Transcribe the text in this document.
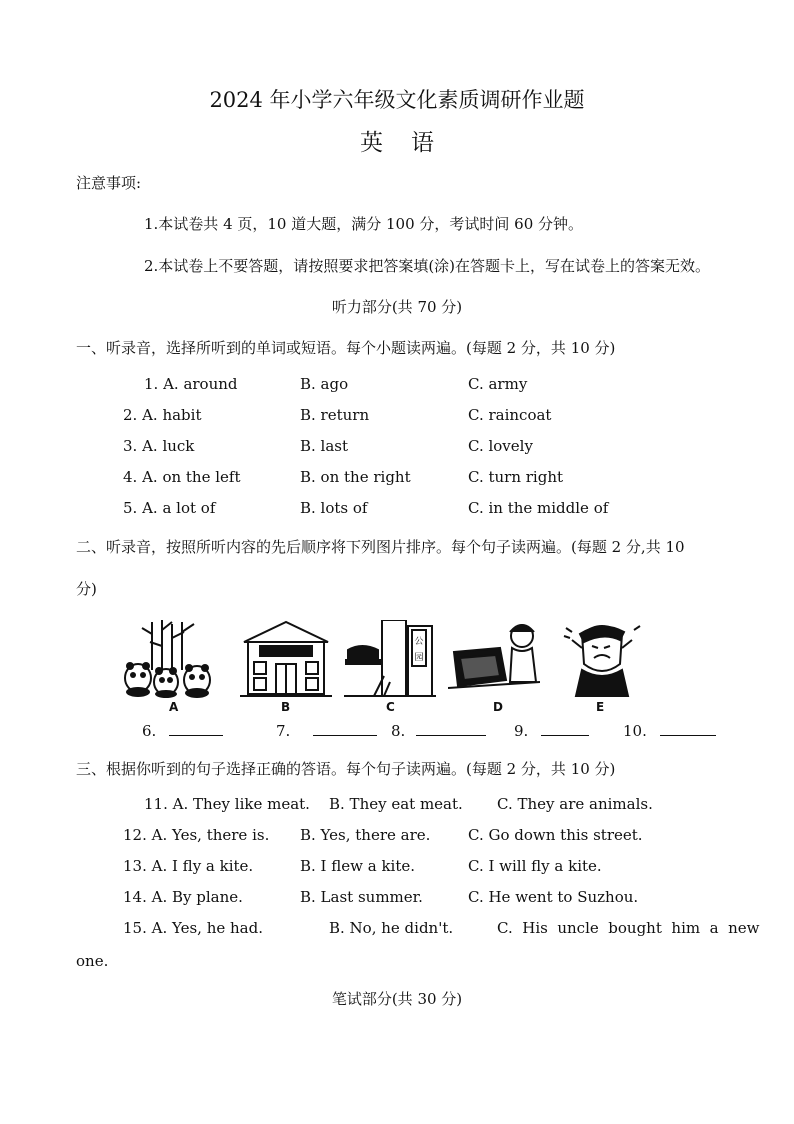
2024 年小学六年级文化素质调研作业题
英语
注意事项:
1.本试卷共 4 页，10 道大题，满分 100 分，考试时间 60 分钟。
2.本试卷上不要答题，请按照要求把答案填(涂)在答题卡上，写在试卷上的答案无效。
听力部分(共 70 分)
一、听录音，选择所听到的单词或短语。每个小题读两遍。(每题 2 分，共 10 分)
1. A. around	B. ago	C. army
2. A. habit	B. return	C. raincoat
3. A. luck	B. last	C. lovely
4. A. on the left	B. on the right	C. turn right
5. A. a lot of	B. lots of	C. in the middle of
二、听录音，按照所听内容的先后顺序将下列图片排序。每个句子读两遍。(每题 2 分,共 10
分)
A	B
公
园
C	D	E
6.	7.	8.	9.	10.
三、根据你听到的句子选择正确的答语。每个句子读两遍。(每题 2 分，共 10 分)
11. A. They like meat. B. They eat meat. C. They are animals.
12. A. Yes, there is. B. Yes, there are.	C. Go down this street.
13. A. I fly a kite.	B. I flew a kite.	C. I will fly a kite.
14. A. By plane.	B. Last summer.	C. He went to Suzhou.
15. A. Yes, he had.	B. No, he didn't.	C.  His  uncle  bought  him  a  new
one.
笔试部分(共 30 分)
